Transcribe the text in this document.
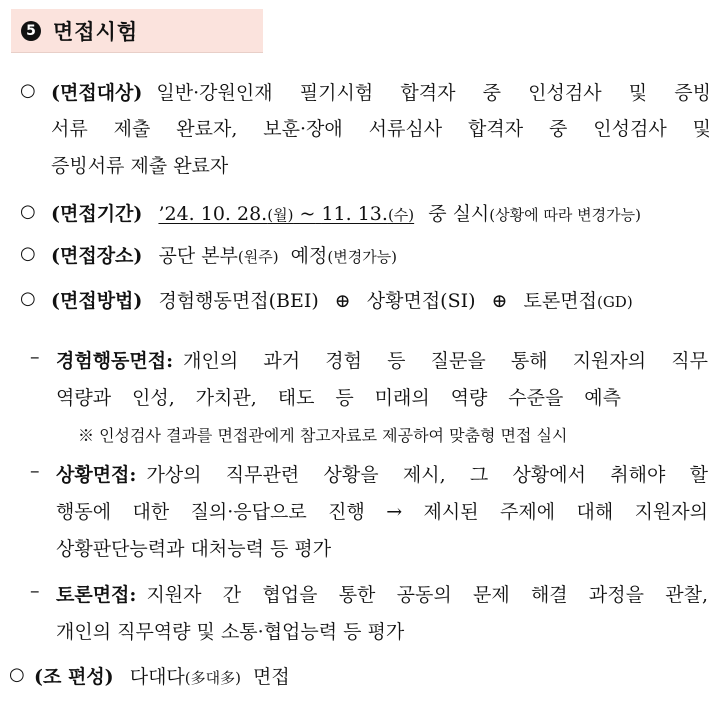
5 면접시험
○ (면접대상) 일반·강원인재 필기시험 합격자 중 인성검사 및 증빙
서류 제출 완료자, 보훈·장애 서류심사 합격자 중 인성검사 및
증빙서류 제출 완료자
○ (면접기간) ’24. 10. 28.(월) ~ 11. 13.(수) 중 실시(상황에 따라 변경가능)
○ (면접장소) 공단 본부(원주) 예정(변경가능)
○ (면접방법) 경험행동면접(BEI) ⊕ 상황면접(SI) ⊕ 토론면접(GD)
– 경험행동면접: 개인의 과거 경험 등 질문을 통해 지원자의 직무
역량과 인성, 가치관, 태도 등 미래의 역량 수준을 예측
※ 인성검사 결과를 면접관에게 참고자료로 제공하여 맞춤형 면접 실시
– 상황면접: 가상의 직무관련 상황을 제시, 그 상황에서 취해야 할
행동에 대한 질의·응답으로 진행 → 제시된 주제에 대해 지원자의
상황판단능력과 대처능력 등 평가
– 토론면접: 지원자 간 협업을 통한 공동의 문제 해결 과정을 관찰,
개인의 직무역량 및 소통·협업능력 등 평가
○ (조 편성) 다대다(多대多) 면접
